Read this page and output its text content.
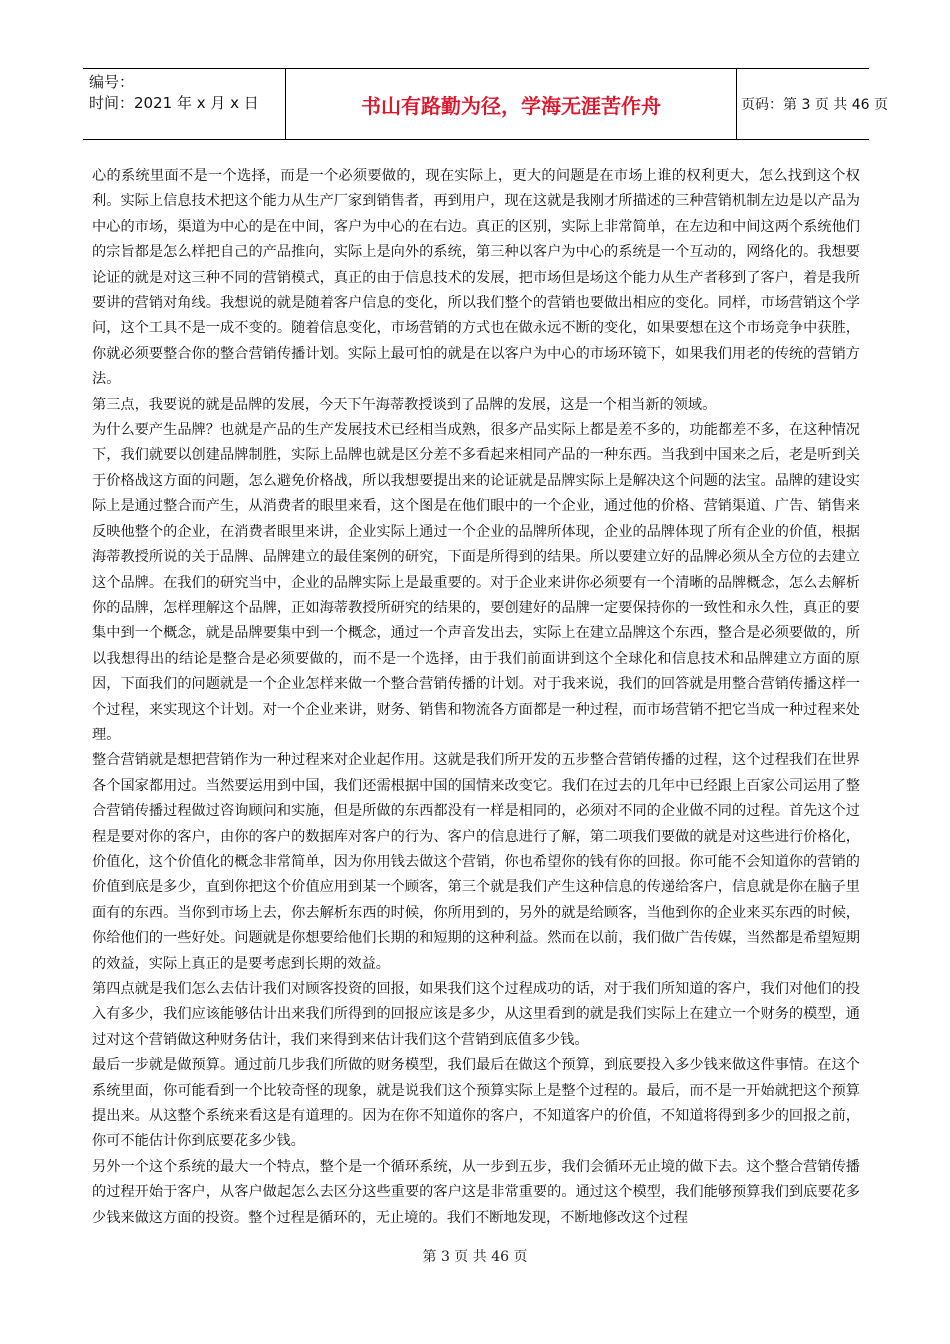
编号：
时间：2021 年 x 月 x 日	书山有路勤为径，学海无涯苦作舟	页码：第 3 页 共 46 页

心的系统里面不是一个选择，而是一个必须要做的，现在实际上，更大的问题是在市场上谁的权利更大，怎么找到这个权利。实际上信息技术把这个能力从生产厂家到销售者，再到用户，现在这就是我刚才所描述的三种营销机制左边是以产品为中心的市场，渠道为中心的是在中间，客户为中心的在右边。真正的区别，实际上非常简单，在左边和中间这两个系统他们的宗旨都是怎么样把自己的产品推向，实际上是向外的系统，第三种以客户为中心的系统是一个互动的，网络化的。我想要论证的就是对这三种不同的营销模式，真正的由于信息技术的发展，把市场但是场这个能力从生产者移到了客户，着是我所要讲的营销对角线。我想说的就是随着客户信息的变化，所以我们整个的营销也要做出相应的变化。同样，市场营销这个学问，这个工具不是一成不变的。随着信息变化，市场营销的方式也在做永远不断的变化，如果要想在这个市场竞争中获胜，你就必须要整合你的整合营销传播计划。实际上最可怕的就是在以客户为中心的市场环镜下，如果我们用老的传统的营销方法。

第三点，我要说的就是品牌的发展，今天下午海蒂教授谈到了品牌的发展，这是一个相当新的领域。

为什么要产生品牌？也就是产品的生产发展技术已经相当成熟，很多产品实际上都是差不多的，功能都差不多，在这种情况下，我们就要以创建品牌制胜，实际上品牌也就是区分差不多看起来相同产品的一种东西。当我到中国来之后，老是听到关于价格战这方面的问题，怎么避免价格战，所以我想要提出来的论证就是品牌实际上是解决这个问题的法宝。品牌的建设实际上是通过整合而产生，从消费者的眼里来看，这个图是在他们眼中的一个企业，通过他的价格、营销渠道、广告、销售来反映他整个的企业，在消费者眼里来讲，企业实际上通过一个企业的品牌所体现，企业的品牌体现了所有企业的价值，根据海蒂教授所说的关于品牌、品牌建立的最佳案例的研究，下面是所得到的结果。所以要建立好的品牌必须从全方位的去建立这个品牌。在我们的研究当中，企业的品牌实际上是最重要的。对于企业来讲你必须要有一个清晰的品牌概念，怎么去解析你的品牌，怎样理解这个品牌，正如海蒂教授所研究的结果的，要创建好的品牌一定要保持你的一致性和永久性，真正的要集中到一个概念，就是品牌要集中到一个概念，通过一个声音发出去，实际上在建立品牌这个东西，整合是必须要做的，所以我想得出的结论是整合是必须要做的，而不是一个选择，由于我们前面讲到这个全球化和信息技术和品牌建立方面的原因，下面我们的问题就是一个企业怎样来做一个整合营销传播的计划。对于我来说，我们的回答就是用整合营销传播这样一个过程，来实现这个计划。对一个企业来讲，财务、销售和物流各方面都是一种过程，而市场营销不把它当成一种过程来处理。

整合营销就是想把营销作为一种过程来对企业起作用。这就是我们所开发的五步整合营销传播的过程，这个过程我们在世界各个国家都用过。当然要运用到中国，我们还需根据中国的国情来改变它。我们在过去的几年中已经跟上百家公司运用了整合营销传播过程做过咨询顾问和实施，但是所做的东西都没有一样是相同的，必须对不同的企业做不同的过程。首先这个过程是要对你的客户，由你的客户的数据库对客户的行为、客户的信息进行了解，第二项我们要做的就是对这些进行价格化，价值化，这个价值化的概念非常简单，因为你用钱去做这个营销，你也希望你的钱有你的回报。你可能不会知道你的营销的价值到底是多少，直到你把这个价值应用到某一个顾客，第三个就是我们产生这种信息的传递给客户，信息就是你在脑子里面有的东西。当你到市场上去，你去解析东西的时候，你所用到的，另外的就是给顾客，当他到你的企业来买东西的时候，你给他们的一些好处。问题就是你想要给他们长期的和短期的这种利益。然而在以前，我们做广告传媒，当然都是希望短期的效益，实际上真正的是要考虑到长期的效益。

第四点就是我们怎么去估计我们对顾客投资的回报，如果我们这个过程成功的话，对于我们所知道的客户，我们对他们的投入有多少，我们应该能够估计出来我们所得到的回报应该是多少，从这里看到的就是我们实际上在建立一个财务的模型，通过对这个营销做这种财务估计，我们来得到来估计我们这个营销到底值多少钱。

最后一步就是做预算。通过前几步我们所做的财务模型，我们最后在做这个预算，到底要投入多少钱来做这件事情。在这个系统里面，你可能看到一个比较奇怪的现象，就是说我们这个预算实际上是整个过程的。最后，而不是一开始就把这个预算提出来。从这整个系统来看这是有道理的。因为在你不知道你的客户，不知道客户的价值，不知道将得到多少的回报之前，你可不能估计你到底要花多少钱。

另外一个这个系统的最大一个特点，整个是一个循环系统，从一步到五步，我们会循环无止境的做下去。这个整合营销传播的过程开始于客户，从客户做起怎么去区分这些重要的客户这是非常重要的。通过这个模型，我们能够预算我们到底要花多少钱来做这方面的投资。整个过程是循环的，无止境的。我们不断地发现，不断地修改这个过程

第 3 页 共 46 页
